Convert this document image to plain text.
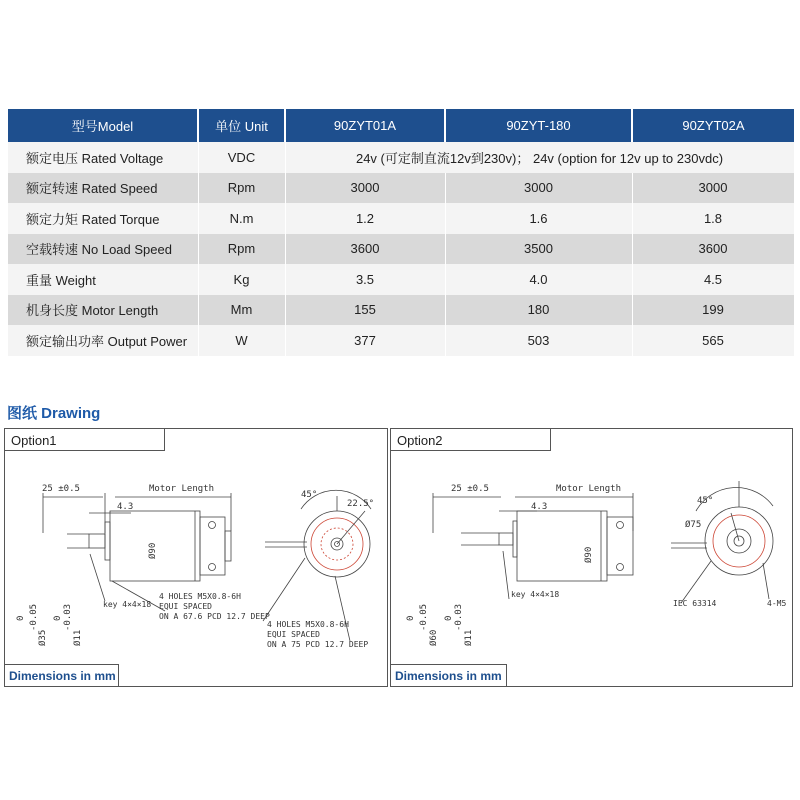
型号Model	单位 Unit	90ZYT01A	90ZYT-180	90ZYT02A
额定电压 Rated Voltage	VDC	24v (可定制直流12v到230v)； 24v (option for 12v up to 230vdc)		
额定转速 Rated Speed	Rpm	3000	3000	3000
额定力矩 Rated Torque	N.m	1.2	1.6	1.8
空载转速 No Load Speed	Rpm	3600	3500	3600
重量 Weight	Kg	3.5	4.0	4.5
机身长度 Motor Length	Mm	155	180	199
额定输出功率 Output Power	W	377	503	565
图纸 Drawing
Option1
25 ±0.5	Motor Length
4.3
45°
22.5°
Ø90
0 -0.05
Ø35
0 -0.03
Ø11
key 4×4×18
4 HOLES M5X0.8-6H
EQUI SPACED
ON A 67.6 PCD 12.7 DEEP
4 HOLES M5X0.8-6H
EQUI SPACED
ON A 75 PCD 12.7 DEEP
Dimensions in mm
Option2
25 ±0.5	Motor Length
4.3
45°
Ø75
Ø90
0 -0.05
Ø60
0 -0.03
Ø11
key 4×4×18
IEC 63314	4-M5
Dimensions in mm
